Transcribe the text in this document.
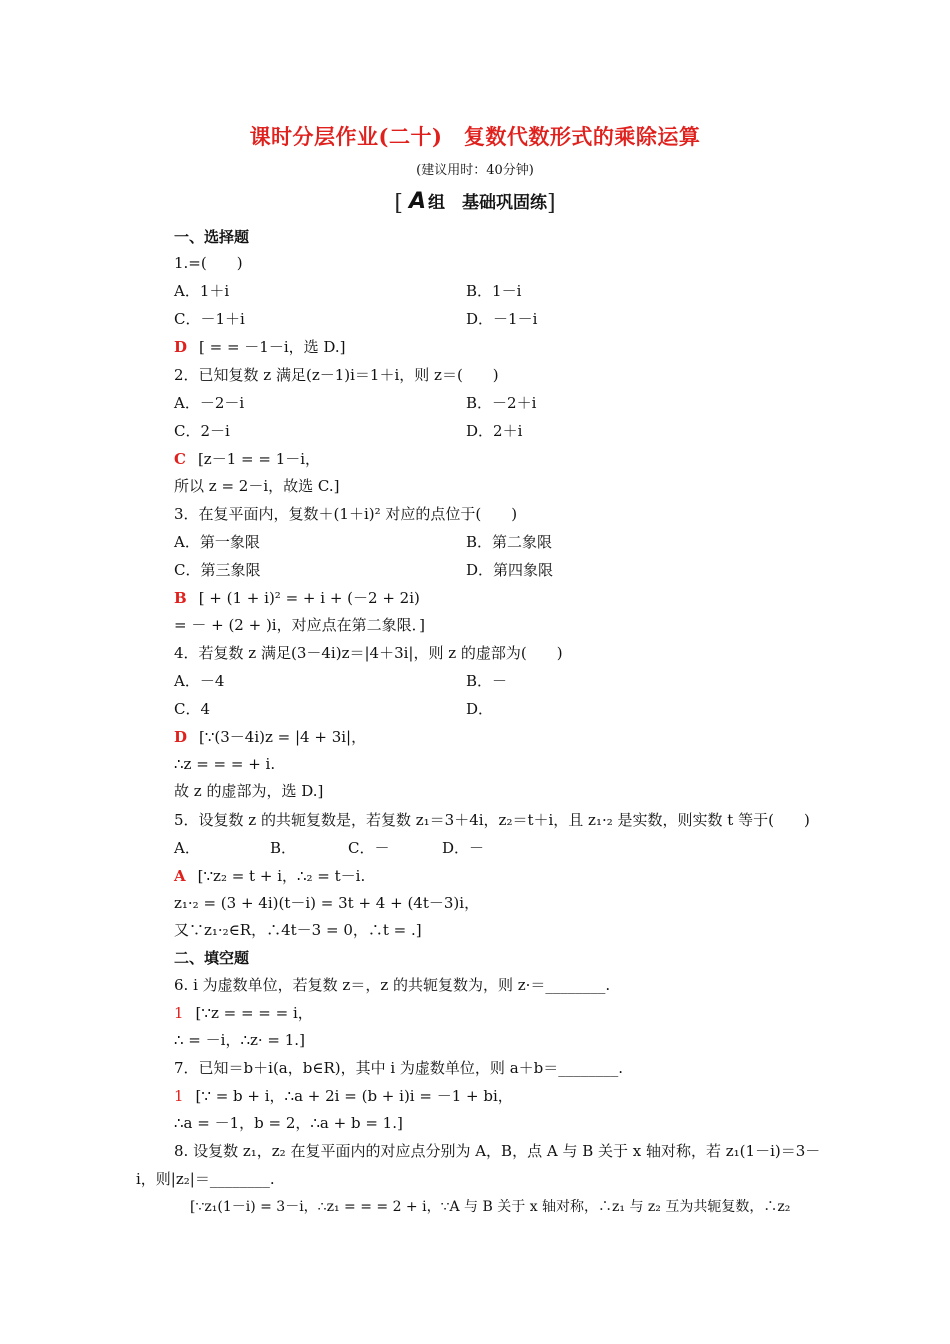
课时分层作业(二十)　复数代数形式的乘除运算
(建议用时：40分钟)
[ A 组　基础巩固练]
一、选择题
1.=(　　)
A．1＋i	B．1－i
C．－1＋i	D．－1－i
D [ = = －1－i，选 D.]
2．已知复数 z 满足(z－1)i＝1＋i，则 z＝(　　)
A．－2－i	B．－2＋i
C．2－i	D．2＋i
C [z－1 = = 1－i，
所以 z = 2－i，故选 C.]
3．在复平面内，复数＋(1＋i)² 对应的点位于(　　)
A．第一象限	B．第二象限
C．第三象限	D．第四象限
B [ + (1 + i)² = + i + (－2 + 2i)
= － + (2 + )i，对应点在第二象限．]
4．若复数 z 满足(3－4i)z＝|4＋3i|，则 z 的虚部为(　　)
A．－4	B．－
C．4	D．
D [∵(3－4i)z = |4 + 3i|，
∴z = = = + i.
故 z 的虚部为，选 D.]
5．设复数 z 的共轭复数是，若复数 z₁＝3＋4i，z₂＝t＋i，且 z₁·₂ 是实数，则实数 t 等于(　　)
A．	B．	C．－	D．－
A [∵z₂ = t + i，∴₂ = t－i.
z₁·₂ = (3 + 4i)(t－i) = 3t + 4 + (4t－3)i，
又∵z₁·₂∈R，∴4t－3 = 0，∴t = .]
二、填空题
6. i 为虚数单位，若复数 z＝，z 的共轭复数为，则 z·＝________.
1 [∵z = = = = i，
∴ = －i，∴z· = 1.]
7．已知＝b＋i(a，b∈R)，其中 i 为虚数单位，则 a＋b＝________.
1 [∵ = b + i，∴a + 2i = (b + i)i = －1 + bi，
∴a = －1，b = 2，∴a + b = 1.]
8. 设复数 z₁，z₂ 在复平面内的对应点分别为 A，B，点 A 与 B 关于 x 轴对称，若 z₁(1－i)＝3－
i，则|z₂|＝________.
[∵z₁(1－i) = 3－i，∴z₁ = = = 2 + i，∵A 与 B 关于 x 轴对称，∴z₁ 与 z₂ 互为共轭复数，∴z₂
